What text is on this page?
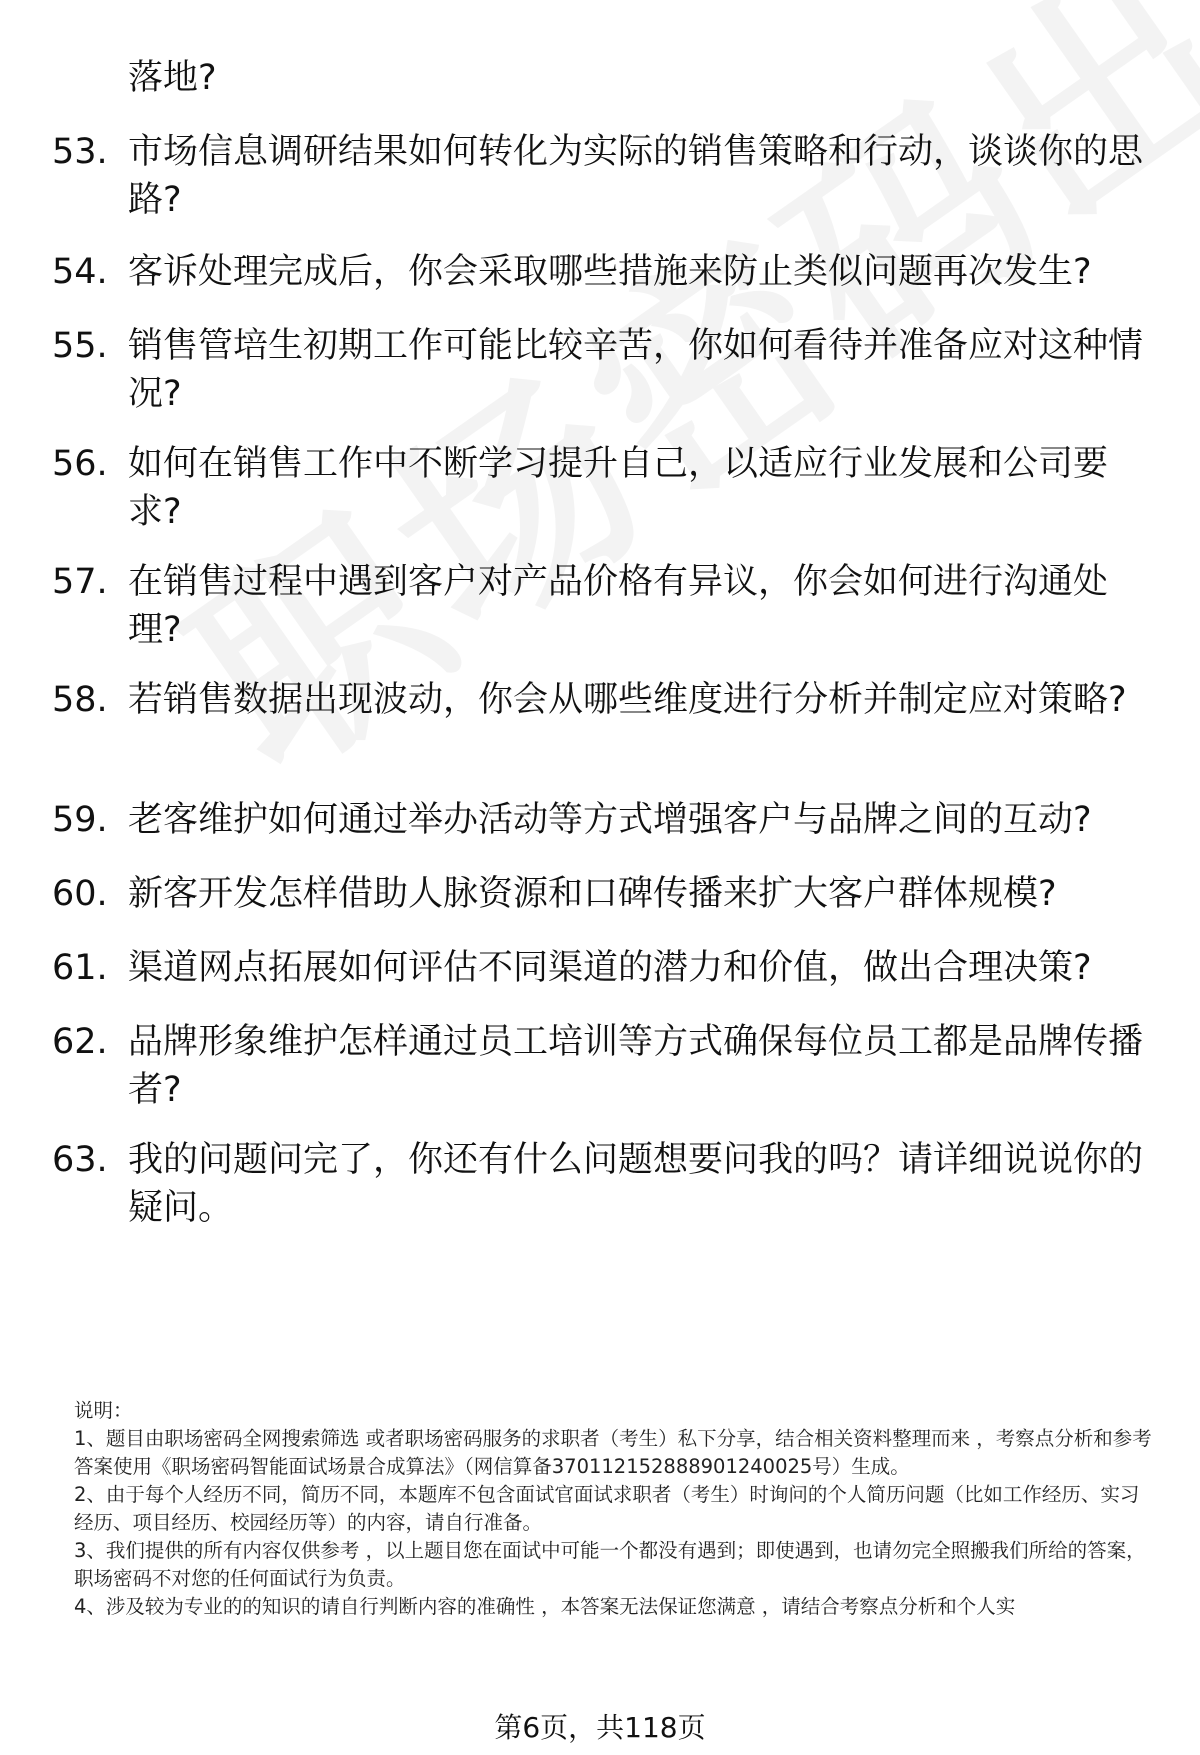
落地?
53. 市场信息调研结果如何转化为实际的销售策略和行动，谈谈你的思路?
54. 客诉处理完成后，你会采取哪些措施来防止类似问题再次发生?
55. 销售管培生初期工作可能比较辛苦，你如何看待并准备应对这种情况?
56. 如何在销售工作中不断学习提升自己，以适应行业发展和公司要求?
57. 在销售过程中遇到客户对产品价格有异议，你会如何进行沟通处理?
58. 若销售数据出现波动，你会从哪些维度进行分析并制定应对策略?
59. 老客维护如何通过举办活动等方式增强客户与品牌之间的互动?
60. 新客开发怎样借助人脉资源和口碑传播来扩大客户群体规模?
61. 渠道网点拓展如何评估不同渠道的潜力和价值，做出合理决策?
62. 品牌形象维护怎样通过员工培训等方式确保每位员工都是品牌传播者?
63. 我的问题问完了，你还有什么问题想要问我的吗？请详细说说你的疑问。

说明：

1、题目由职场密码全网搜索筛选 或者职场密码服务的求职者（考生）私下分享，结合相关资料整理而来 ，考察点分析和参考答案使用《职场密码智能面试场景合成算法》（网信算备370112152888901240025号）生成。

2、由于每个人经历不同，简历不同，本题库不包含面试官面试求职者（考生）时询问的个人简历问题（比如工作经历、实习经历、项目经历、校园经历等）的内容，请自行准备。

3、我们提供的所有内容仅供参考 ，以上题目您在面试中可能一个都没有遇到；即使遇到，也请勿完全照搬我们所给的答案，职场密码不对您的任何面试行为负责。

4、涉及较为专业的的知识的请自行判断内容的准确性 ，本答案无法保证您满意 ，请结合考察点分析和个人实

第6页，共118页
